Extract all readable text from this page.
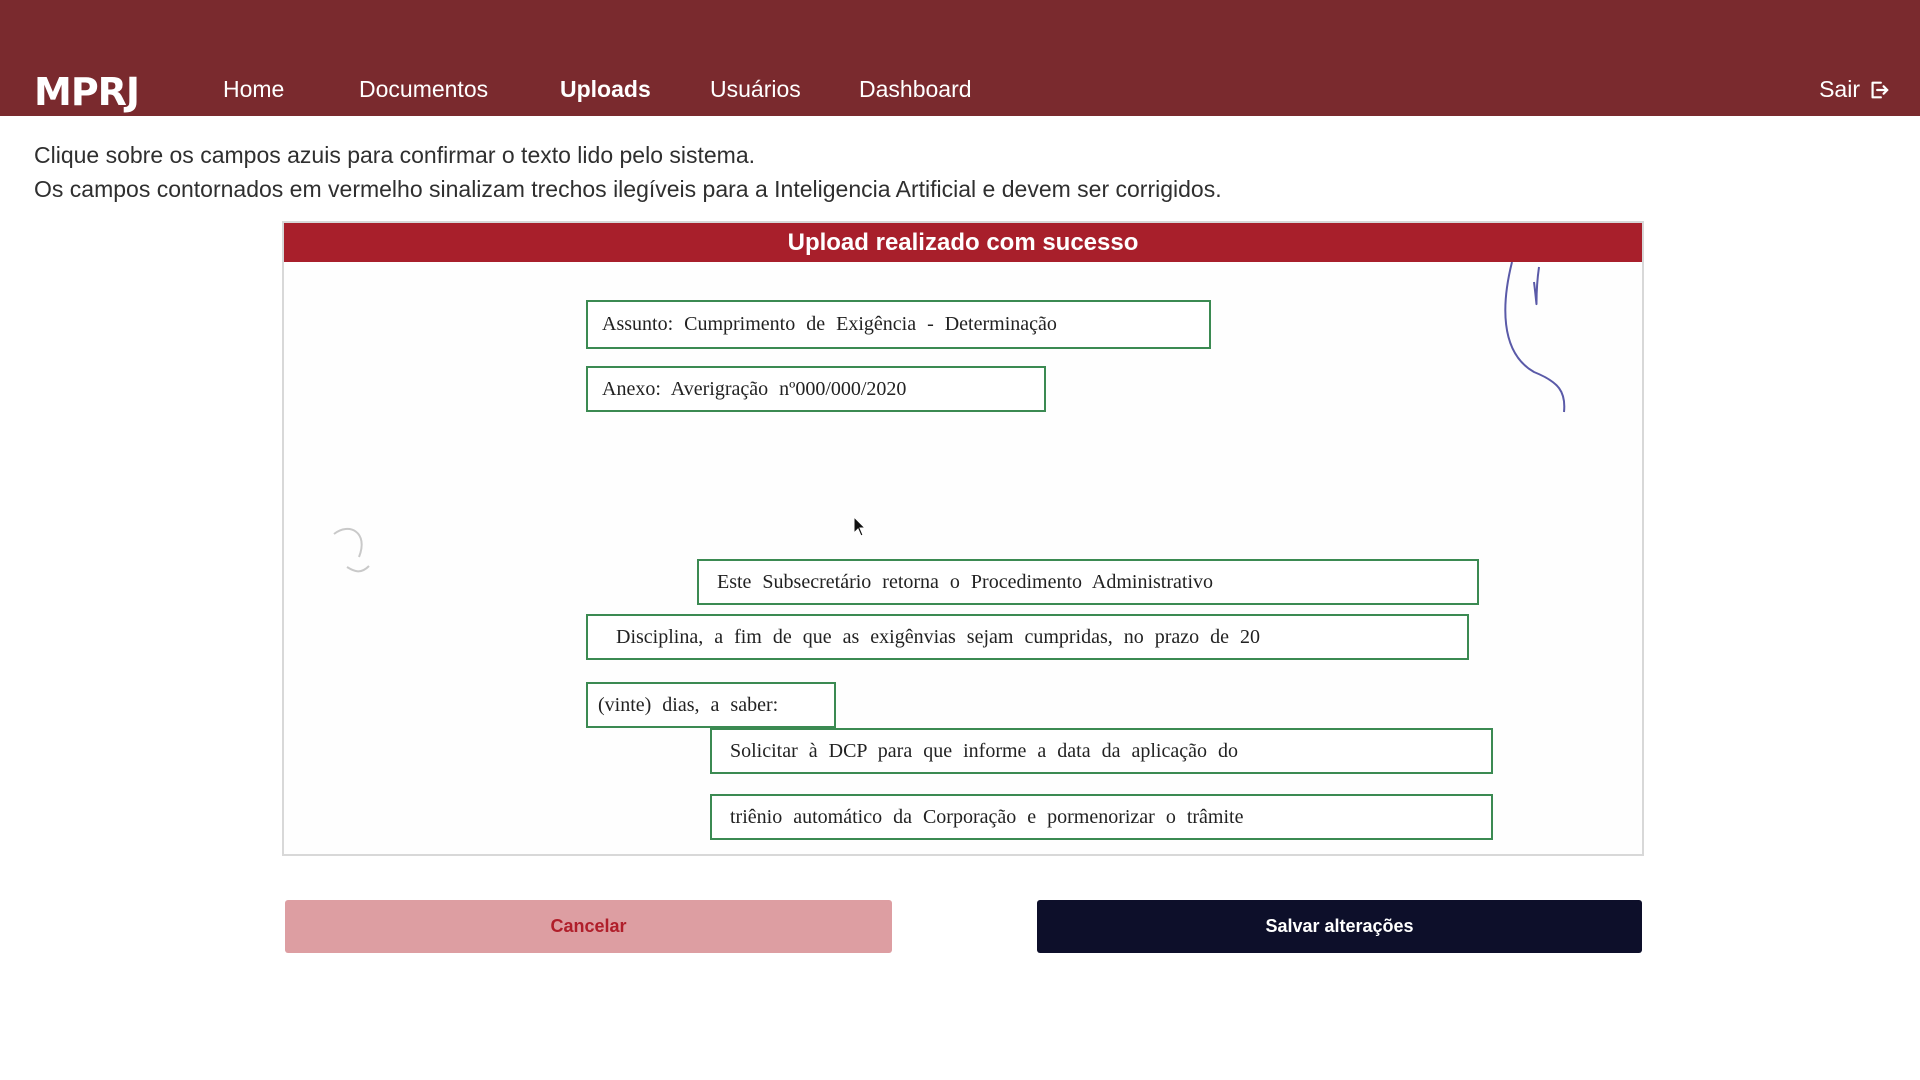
MPRJ	Home	Documentos	Uploads	Usuários	Dashboard	Sair
Clique sobre os campos azuis para confirmar o texto lido pelo sistema.
Os campos contornados em vermelho sinalizam trechos ilegíveis para a Inteligencia Artificial e devem ser corrigidos.
Upload realizado com sucesso
Assunto: Cumprimento de Exigência - Determinação
Anexo: Averigração nº000/000/2020
Este Subsecretário retorna o Procedimento Administrativo
Disciplina, a fim de que as exigênvias sejam cumpridas, no prazo de 20
(vinte) dias, a saber:
Solicitar à DCP para que informe a data da aplicação do
triênio automático da Corporação e pormenorizar o trâmite
Cancelar	Salvar alterações
